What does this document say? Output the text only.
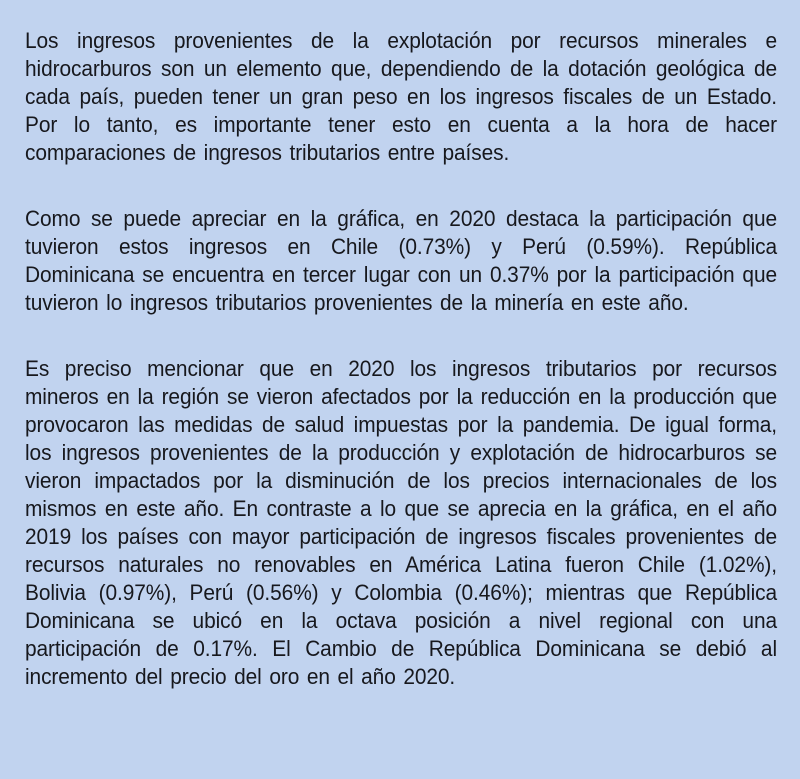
Los ingresos provenientes de la explotación por recursos minerales e hidrocarburos son un elemento que, dependiendo de la dotación geológica de cada país, pueden tener un gran peso en los ingresos fiscales de un Estado. Por lo tanto, es importante tener esto en cuenta a la hora de hacer comparaciones de ingresos tributarios entre países.

Como se puede apreciar en la gráfica, en 2020 destaca la participación que tuvieron estos ingresos en Chile (0.73%) y Perú (0.59%). República Dominicana se encuentra en tercer lugar con un 0.37% por la participación que tuvieron lo ingresos tributarios provenientes de la minería en este año.

Es preciso mencionar que en 2020 los ingresos tributarios por recursos mineros en la región se vieron afectados por la reducción en la producción que provocaron las medidas de salud impuestas por la pandemia. De igual forma, los ingresos provenientes de la producción y explotación de hidrocarburos se vieron impactados por la disminución de los precios internacionales de los mismos en este año. En contraste a lo que se aprecia en la gráfica, en el año 2019 los países con mayor participación de ingresos fiscales provenientes de recursos naturales no renovables en América Latina fueron Chile (1.02%), Bolivia (0.97%), Perú (0.56%) y Colombia (0.46%); mientras que República Dominicana se ubicó en la octava posición a nivel regional con una participación de 0.17%. El Cambio de República Dominicana se debió al incremento del precio del oro en el año 2020.
